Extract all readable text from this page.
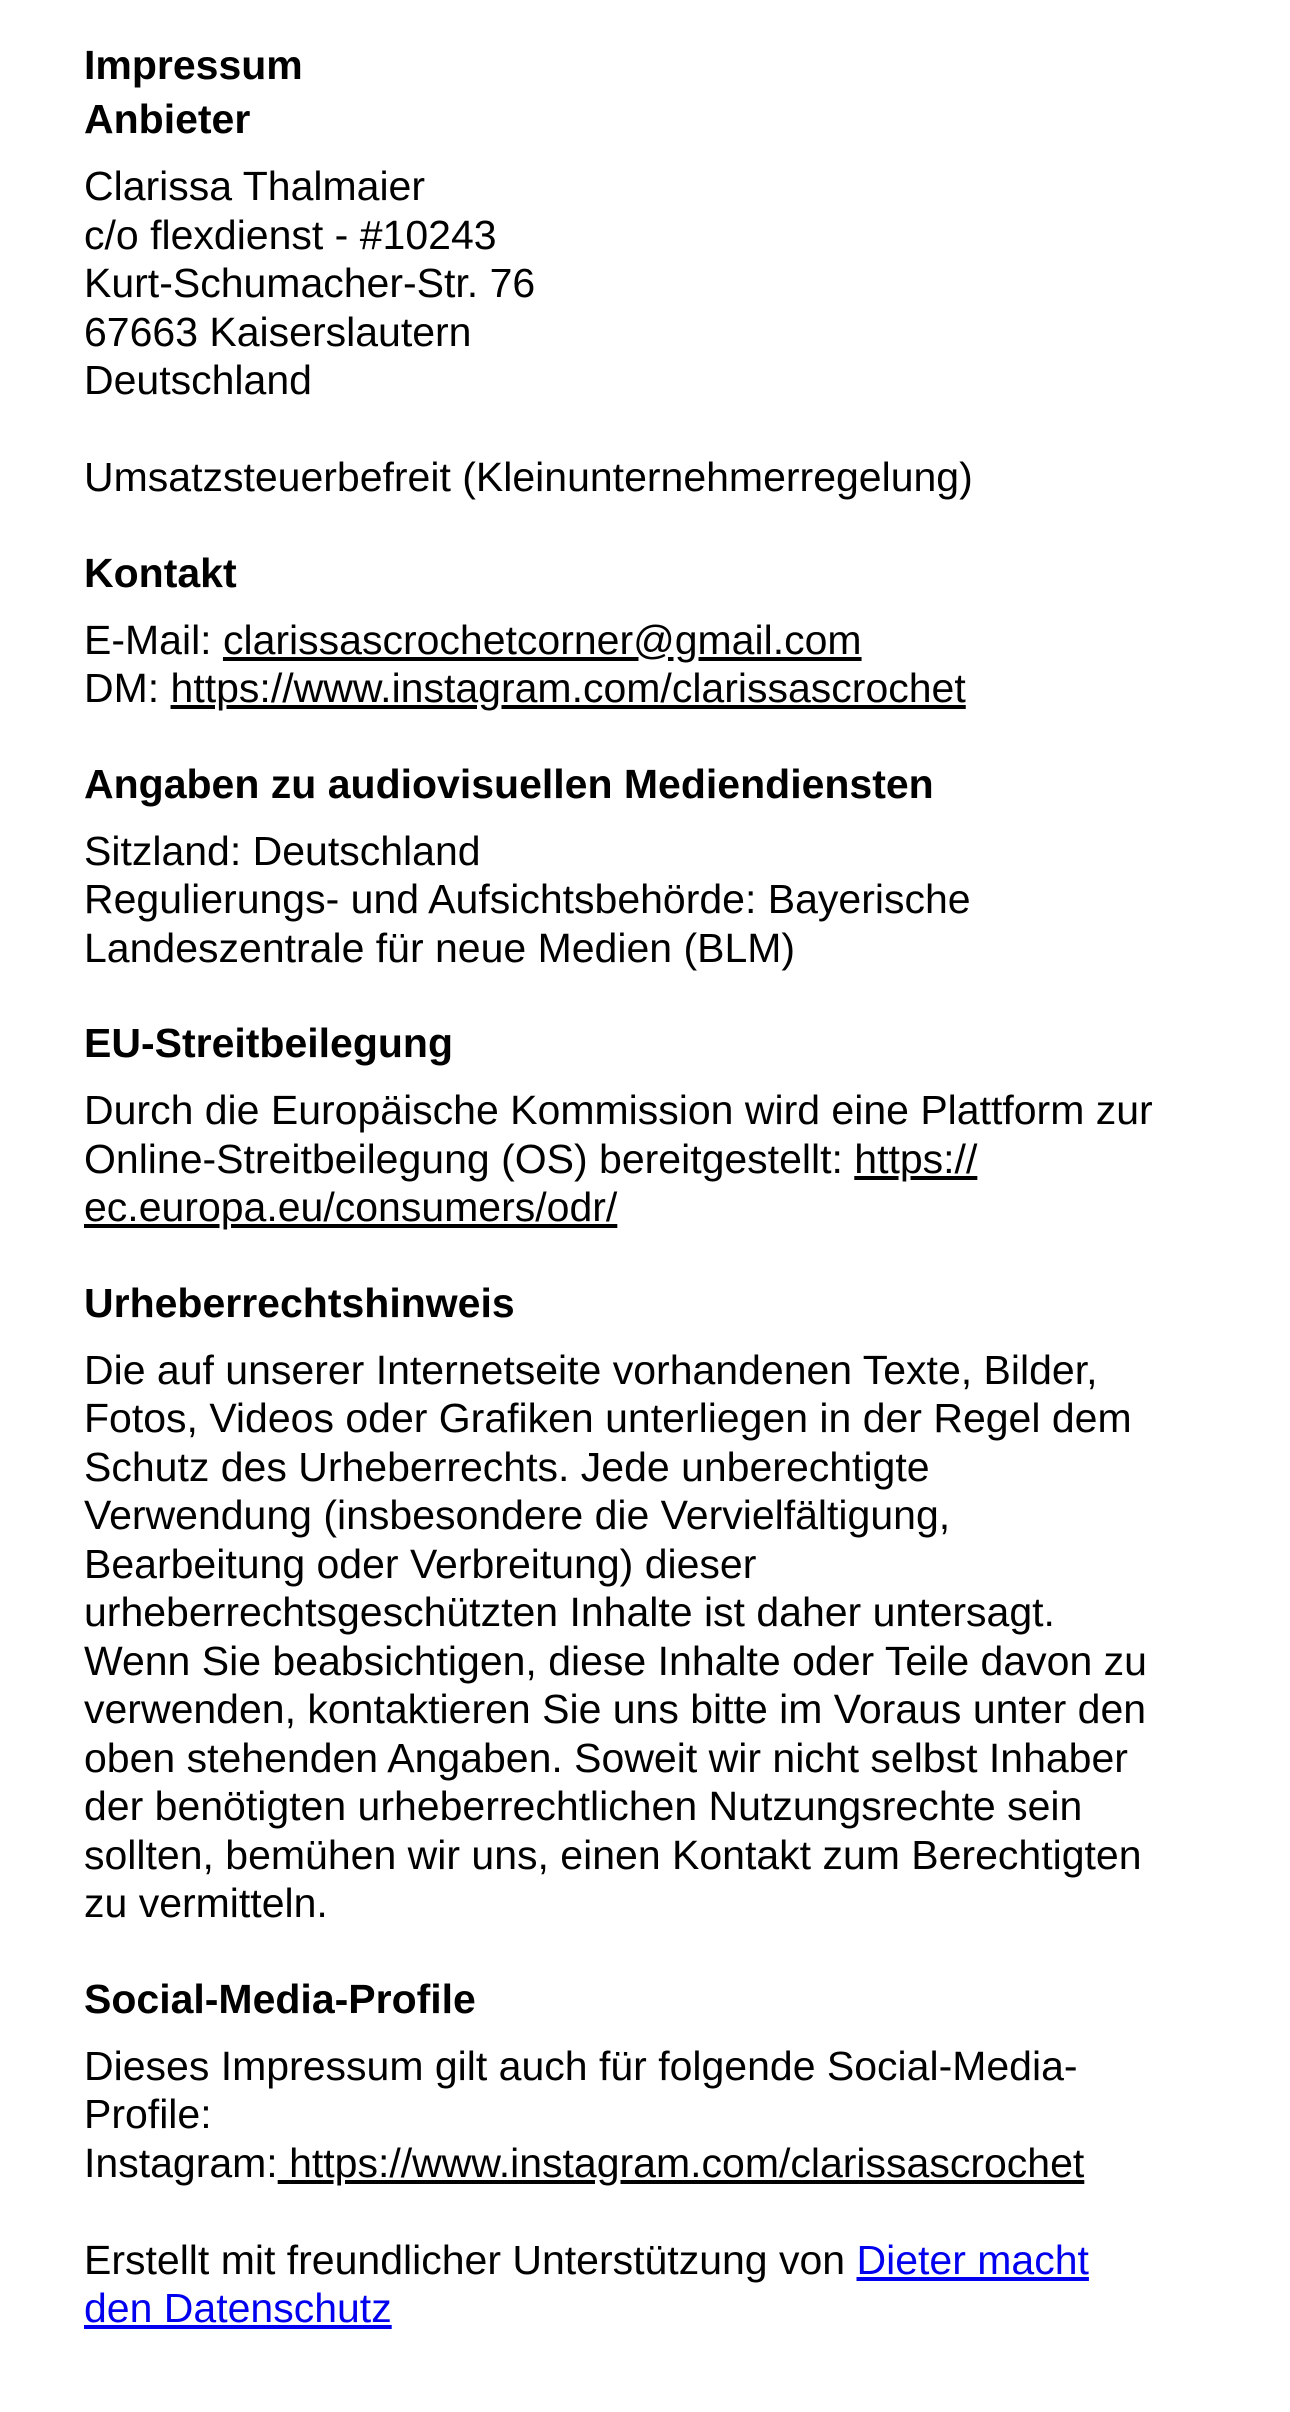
Impressum
Anbieter

Clarissa Thalmaier
c/o flexdienst - #10243
Kurt-Schumacher-Str. 76
67663 Kaiserslautern
Deutschland

Umsatzsteuerbefreit (Kleinunternehmerregelung)

Kontakt

E-Mail: clarissascrochetcorner@gmail.com

DM: https://www.instagram.com/clarissascrochet

Angaben zu audiovisuellen Mediendiensten

Sitzland: Deutschland

Regulierungs- und Aufsichtsbehörde: Bayerische
Landeszentrale für neue Medien (BLM)

EU-Streitbeilegung

Durch die Europäische Kommission wird eine Plattform zur
Online-Streitbeilegung (OS) bereitgestellt: https://
ec.europa.eu/consumers/odr/

Urheberrechtshinweis

Die auf unserer Internetseite vorhandenen Texte, Bilder,
Fotos, Videos oder Grafiken unterliegen in der Regel dem
Schutz des Urheberrechts. Jede unberechtigte
Verwendung (insbesondere die Vervielfältigung,
Bearbeitung oder Verbreitung) dieser
urheberrechtsgeschützten Inhalte ist daher untersagt.
Wenn Sie beabsichtigen, diese Inhalte oder Teile davon zu
verwenden, kontaktieren Sie uns bitte im Voraus unter den
oben stehenden Angaben. Soweit wir nicht selbst Inhaber
der benötigten urheberrechtlichen Nutzungsrechte sein
sollten, bemühen wir uns, einen Kontakt zum Berechtigten
zu vermitteln.

Social-Media-Profile

Dieses Impressum gilt auch für folgende Social-Media-
Profile:

Instagram: https://www.instagram.com/clarissascrochet

Erstellt mit freundlicher Unterstützung von Dieter macht
den Datenschutz
